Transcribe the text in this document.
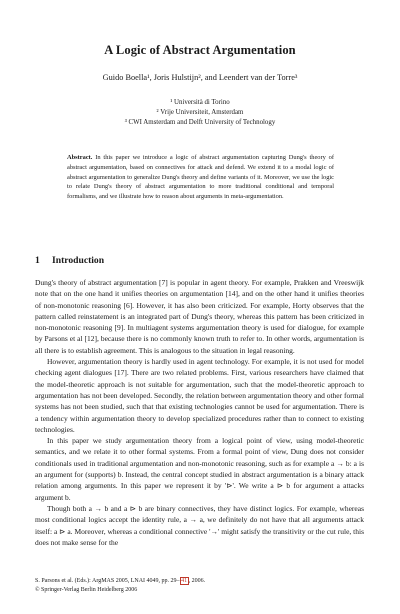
A Logic of Abstract Argumentation
Guido Boella¹, Joris Hulstijn², and Leendert van der Torre³
¹ Università di Torino
² Vrije Universiteit, Amsterdam
³ CWI Amsterdam and Delft University of Technology
Abstract. In this paper we introduce a logic of abstract argumentation capturing Dung's theory of abstract argumentation, based on connectives for attack and defend. We extend it to a modal logic of abstract argumentation to generalize Dung's theory and define variants of it. Moreover, we use the logic to relate Dung's theory of abstract argumentation to more traditional conditional and temporal formalisms, and we illustrate how to reason about arguments in meta-argumentation.
1 Introduction

Dung's theory of abstract argumentation [7] is popular in agent theory. For example, Prakken and Vreeswijk note that on the one hand it unifies theories on argumentation [14], and on the other hand it unifies theories of non-monotonic reasoning [6]. However, it has also been criticized. For example, Horty observes that the pattern called reinstatement is an integrated part of Dung's theory, whereas this pattern has been criticized in non-monotonic reasoning [9]. In multiagent systems argumentation theory is used for dialogue, for example by Parsons et al [12], because there is no commonly known truth to refer to. In other words, argumentation is all there is to establish agreement. This is analogous to the situation in legal reasoning.

However, argumentation theory is hardly used in agent technology. For example, it is not used for model checking agent dialogues [17]. There are two related problems. First, various researchers have claimed that the model-theoretic approach is not suitable for argumentation, such that the model-theoretic approach to argumentation has not been developed. Secondly, the relation between argumentation theory and other formal systems has not been studied, such that that existing technologies cannot be used for argumentation. There is a tendency within argumentation theory to develop specialized procedures rather than to connect to existing technologies.

In this paper we study argumentation theory from a logical point of view, using model-theoretic semantics, and we relate it to other formal systems. From a formal point of view, Dung does not consider conditionals used in traditional argumentation and non-monotonic reasoning, such as for example a → b: a is an argument for (supports) b. Instead, the central concept studied in abstract argumentation is a binary attack relation among arguments. In this paper we represent it by '⊳'. We write a ⊳ b for argument a attacks argument b.

Though both a → b and a ⊳ b are binary connectives, they have distinct logics. For example, whereas most conditional logics accept the identity rule, a → a, we definitely do not have that all arguments attack itself: a ⊳ a. Moreover, whereas a conditional connective '→' might satisfy the transitivity or the cut rule, this does not make sense for the

S. Parsons et al. (Eds.): ArgMAS 2005, LNAI 4049, pp. 29– 41 , 2006.
© Springer-Verlag Berlin Heidelberg 2006
